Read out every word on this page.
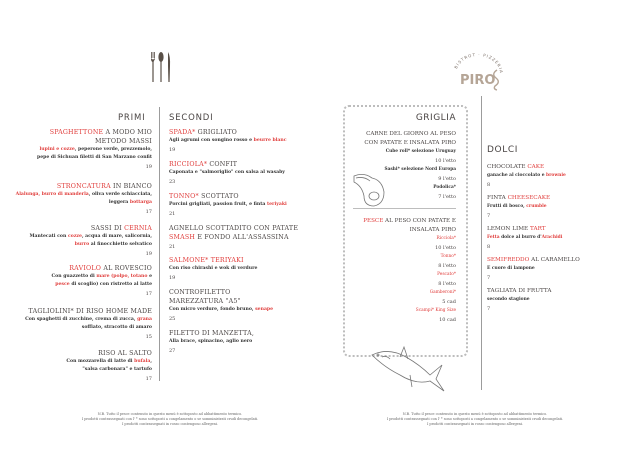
PRIMI	SECONDI
SPAGHETTONE A MODO MIO
METODO MASSI
lupini e cozze, peperone verde, prezzemolo,
pepe di Sichuan filetti di San Marzano confit
19
STRONCATURA IN BIANCO
Alalunga, burro di manderla, oliva verde schiacciata,
leggera bottarga
17
SASSI DI CERNIA
Mantecati con cozze, acqua di mare, salicornia,
burro al finocchietto selvatico
19
RAVIOLO AL ROVESCIO
Con guazzetto di mare (polpo, totano e
pesce di scoglio) con ristretto al latte
17
TAGLIOLINI* DI RISO HOME MADE
Con spaghetti di zucchine, crema di zucca, grana
soffiato, stracotto di amaro
15
RISO AL SALTO
Con mozzarella di latte di bufala,
"salsa carbonara" e tartufo
17
SPADA* GRIGLIATO
Agli agrumi con songino rosso e beurre blanc
19
RICCIOLA* CONFIT
Caponata e "salmoriglio" con salsa al wasaby
23
TONNO* SCOTTATO
Porcini grigliati, passion fruit, e finta teriyaki
21
AGNELLO SCOTTADITO CON PATATE
SMASH E FONDO ALL'ASSASSINA
21
SALMONE* TERIYAKI
Con riso chirashi e wok di verdure
19
CONTROFILETTO
MAREZZATURA "A5"
Con micro verdure, fondo bruno, senape
25
FILETTO DI MANZETTA,
Alla brace, spinacino, aglio nero
27
N.B. Tutto il pesce contenuto in questo menù è sottoposto ad abbattimento termico.
I prodotti contrassegnati con l' * sono sottoposti a congelamento o se somministrati crudi decongelati.
I prodotti contrassegnati in rosso contengono allergeni.
BISTROT · PIZZERIA
PIRO
GRIGLIA
CARNE DEL GIORNO AL PESO CON PATATE E INSALATA PIRO
Cube roll* selezione Uruguay
10 l'etto
Sashi* selezione Nord Europa
9 l'etto
Podolica*
7 l'etto
PESCE AL PESO CON PATATE E INSALATA PIRO
Ricciola*
10 l'etto
Tonno*
8 l'etto
Pescato*
8 l'etto
Gamberoni*
5 cad
Scampi* King Size
10 cad
DOLCI
CHOCOLATE CAKE
ganache al cioccolato e brownie
8
FINTA CHEESECAKE
Frutti di bosco, crumble
7
LEMON LIME TART
Fetta dolce al burro d'Arachidi
8
SEMIFREDDO AL CARAMELLO
E cuore di lampone
7
TAGLIATA DI FRUTTA
secondo stagione
7
N.B. Tutto il pesce contenuto in questo menù è sottoposto ad abbattimento termico.
I prodotti contrassegnati con l' * sono sottoposti a congelamento o se somministrati crudi decongelati.
I prodotti contrassegnati in rosso contengono allergeni.
